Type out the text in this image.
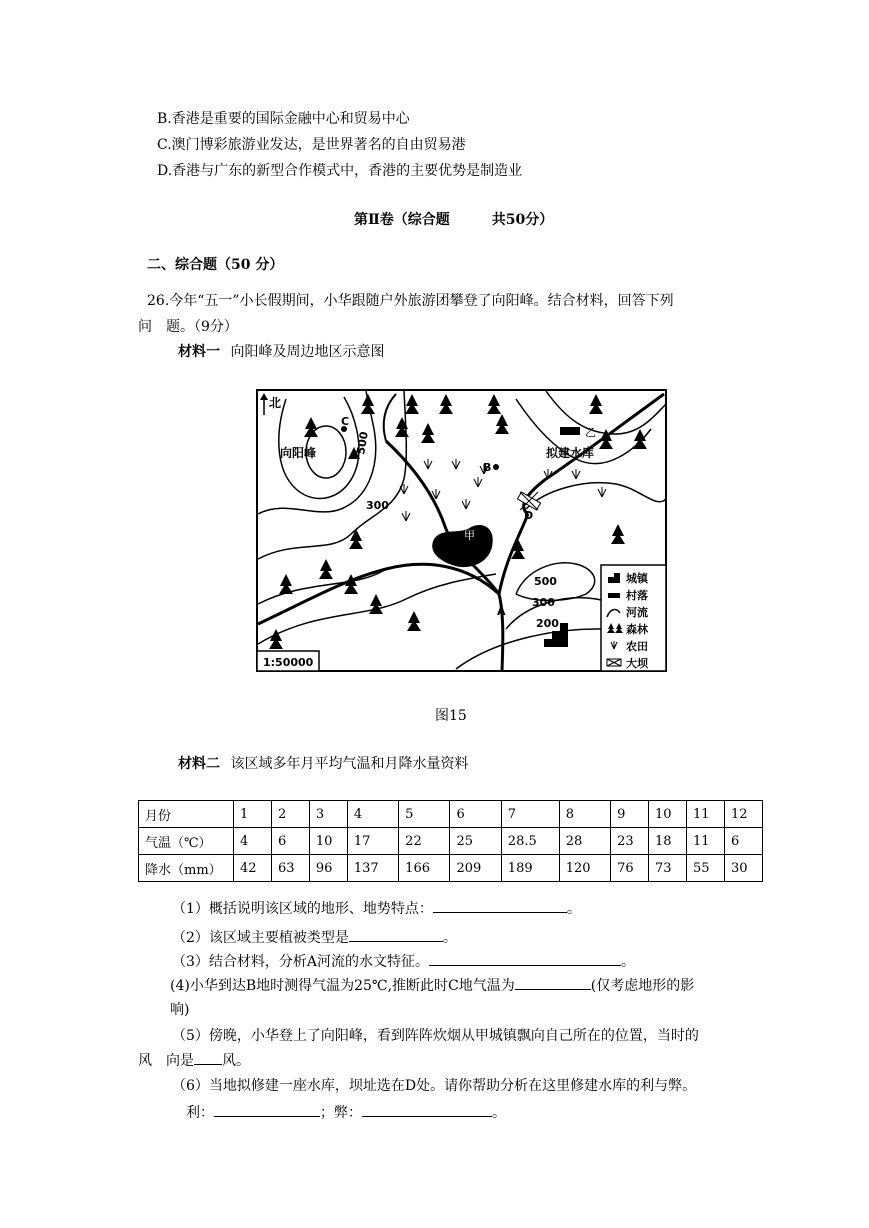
B.香港是重要的国际金融中心和贸易中心
C.澳门博彩旅游业发达，是世界著名的自由贸易港
D.香港与广东的新型合作模式中，香港的主要优势是制造业
第Ⅱ卷（综合题　　　共50分）
二、综合题（50 分）
26.今年“五一”小长假期间，小华跟随户外旅游团攀登了向阳峰。结合材料，回答下列
问　题。（9分）
材料一 向阳峰及周边地区示意图
甲
乙
北
向阳峰
C
B
D
A
拟建水库
500
300
500
300
200
1:50000
城镇
村落
河流
森林
农田
大坝
图15
材料二 该区域多年月平均气温和月降水量资料
月份	1	2	3	4	5	6	7	8	9	10	11	12
气温（℃）	4	6	10	17	22	25	28.5	28	23	18	11	6
降水（mm）	42	63	96	137	166	209	189	120	76	73	55	30
（1）概括说明该区域的地形、地势特点：	。
（2）该区域主要植被类型是	。
（3）结合材料，分析A河流的水文特征。	。
(4)小华到达B地时测得气温为25℃,推断此时C地气温为	(仅考虑地形的影
响)
（5）傍晚，小华登上了向阳峰，看到阵阵炊烟从甲城镇飘向自己所在的位置，当时的
风　向是 风。
（6）当地拟修建一座水库，坝址选在D处。请你帮助分析在这里修建水库的利与弊。
利：	；弊：	。
